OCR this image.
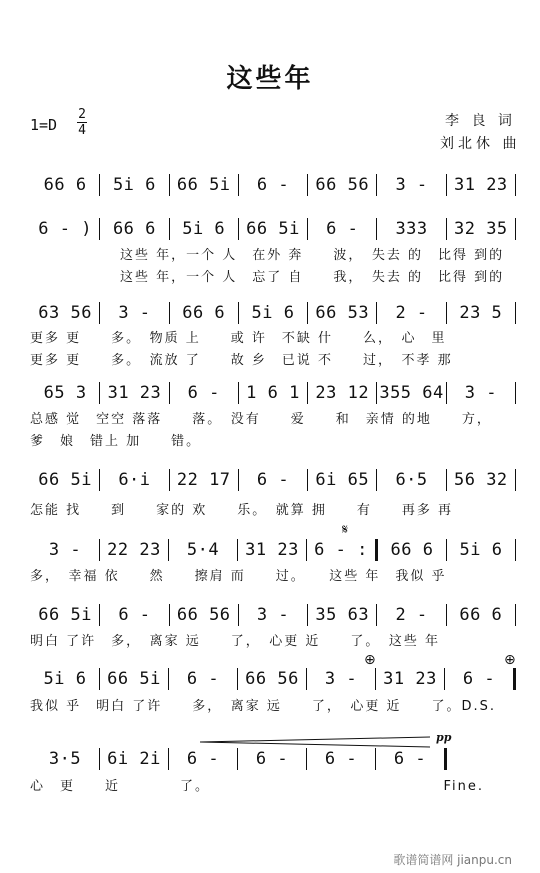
这些年
1=D
2
4
李 良 词
刘北休 曲
66 6	5i 6	66 5i	6 -	66 56	3 -	31 23
6 - )	66 6	5i 6	66 5i	6 -	333	32 35
　　　　　　这些 年，一个 人　在外 奔　　波，　失去 的　比得 到的
　　　　　　这些 年，一个 人　忘了 自　　我，　失去 的　比得 到的
63 56	3 -	66 6	5i 6	66 53	2 -	23 5
更多 更　　多。　物质 上　　或 许　不缺 什　　么，　心　里
更多 更　　多。　流放 了　　故 乡　已说 不　　过，　不孝 那
65 3	31 23	6 -	1 6 1 23 12 355 64	3 -
总感 觉　空空 落落　　落。　没有　　爱　　和　亲情 的地　　方，
爹　娘　错上 加　　错。
66 5i	6·i	22 17	6 -	6i 65	6·5	56 32
怎能 找　　到　　家的 欢　　乐。　就算 拥　　有　　再多 再
3 -	22 23	5·4	31 23 6 - :	66 6	5i 6
多，　幸福 依　　然　　擦肩 而　　过。　　这些 年　我似 乎
66 5i	6 -	66 56	3 -	35 63	2 -	66 6
明白 了许　多，　离家 远　　了，　心更 近　　了。　这些 年
5i 6	66 5i	6 -	66 56	3 -	31 23	6 -
我似 乎　明白 了许　　多，　离家 远　　了，　心更 近　　了。D.S.
3·5	6i 2i	6 -	6 -	6 -	6 -
心　更　　近　　　　了。　　　　　　　　　　　　　　　　Fine.
𝄋
⊕	⊕
pp
歌谱简谱网 jianpu.cn
